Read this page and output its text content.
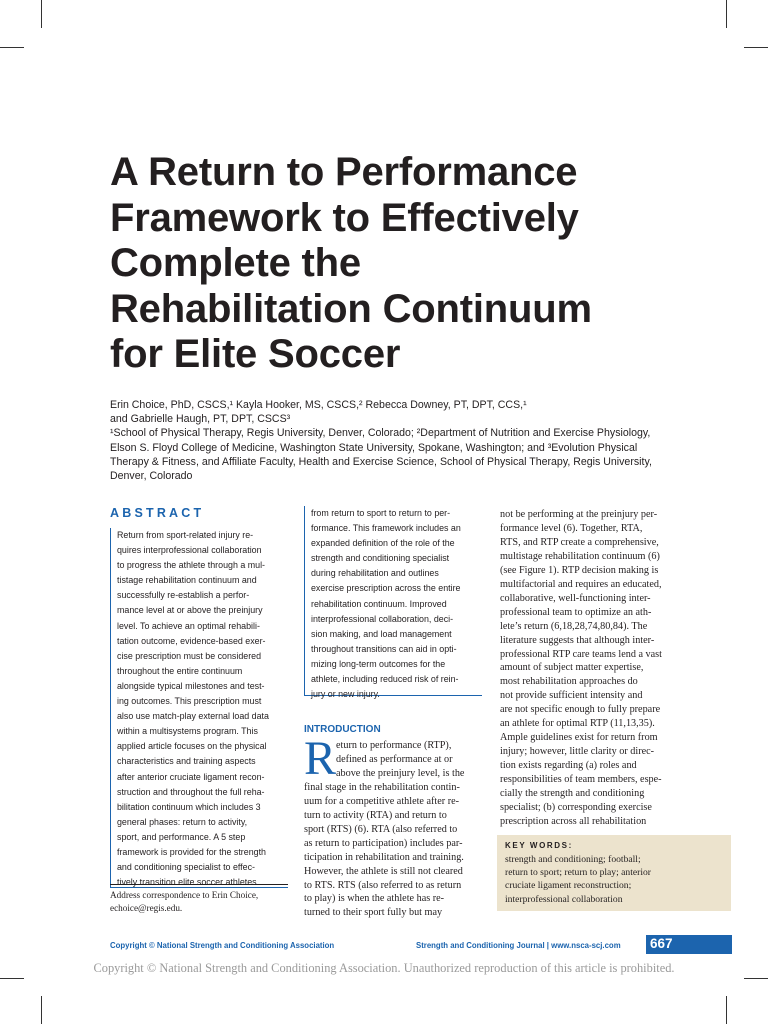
A Return to Performance
Framework to Effectively
Complete the
Rehabilitation Continuum
for Elite Soccer

Erin Choice, PhD, CSCS,¹ Kayla Hooker, MS, CSCS,² Rebecca Downey, PT, DPT, CCS,¹

and Gabrielle Haugh, PT, DPT, CSCS³

¹School of Physical Therapy, Regis University, Denver, Colorado; ²Department of Nutrition and Exercise Physiology,

Elson S. Floyd College of Medicine, Washington State University, Spokane, Washington; and ³Evolution Physical

Therapy & Fitness, and Affiliate Faculty, Health and Exercise Science, School of Physical Therapy, Regis University,

Denver, Colorado

ABSTRACT
Return from sport-related injury re-
quires interprofessional collaboration
to progress the athlete through a mul-
tistage rehabilitation continuum and
successfully re-establish a perfor-
mance level at or above the preinjury
level. To achieve an optimal rehabili-
tation outcome, evidence-based exer-
cise prescription must be considered
throughout the entire continuum
alongside typical milestones and test-
ing outcomes. This prescription must
also use match-play external load data
within a multisystems program. This
applied article focuses on the physical
characteristics and training aspects
after anterior cruciate ligament recon-
struction and throughout the full reha-
bilitation continuum which includes 3
general phases: return to activity,
sport, and performance. A 5 step
framework is provided for the strength
and conditioning specialist to effec-
tively transition elite soccer athletes
Address correspondence to Erin Choice,
echoice@regis.edu.
from return to sport to return to per-
formance. This framework includes an
expanded definition of the role of the
strength and conditioning specialist
during rehabilitation and outlines
exercise prescription across the entire
rehabilitation continuum. Improved
interprofessional collaboration, deci-
sion making, and load management
throughout transitions can aid in opti-
mizing long-term outcomes for the
athlete, including reduced risk of rein-
jury or new injury.
INTRODUCTION
R eturn to performance (RTP),
defined as performance at or
above the preinjury level, is the
final stage in the rehabilitation contin-
uum for a competitive athlete after re-
turn to activity (RTA) and return to
sport (RTS) (6). RTA (also referred to
as return to participation) includes par-
ticipation in rehabilitation and training.
However, the athlete is still not cleared
to RTS. RTS (also referred to as return
to play) is when the athlete has re-
turned to their sport fully but may
not be performing at the preinjury per-
formance level (6). Together, RTA,
RTS, and RTP create a comprehensive,
multistage rehabilitation continuum (6)
(see Figure 1). RTP decision making is
multifactorial and requires an educated,
collaborative, well-functioning inter-
professional team to optimize an ath-
lete’s return (6,18,28,74,80,84). The
literature suggests that although inter-
professional RTP care teams lend a vast
amount of subject matter expertise,
most rehabilitation approaches do
not provide sufficient intensity and
are not specific enough to fully prepare
an athlete for optimal RTP (11,13,35).
Ample guidelines exist for return from
injury; however, little clarity or direc-
tion exists regarding (a) roles and
responsibilities of team members, espe-
cially the strength and conditioning
specialist; (b) corresponding exercise
prescription across all rehabilitation
KEY WORDS:
strength and conditioning; football;
return to sport; return to play; anterior
cruciate ligament reconstruction;
interprofessional collaboration
Copyright © National Strength and Conditioning Association	Strength and Conditioning Journal | www.nsca-scj.com 667
Copyright © National Strength and Conditioning Association. Unauthorized reproduction of this article is prohibited.
